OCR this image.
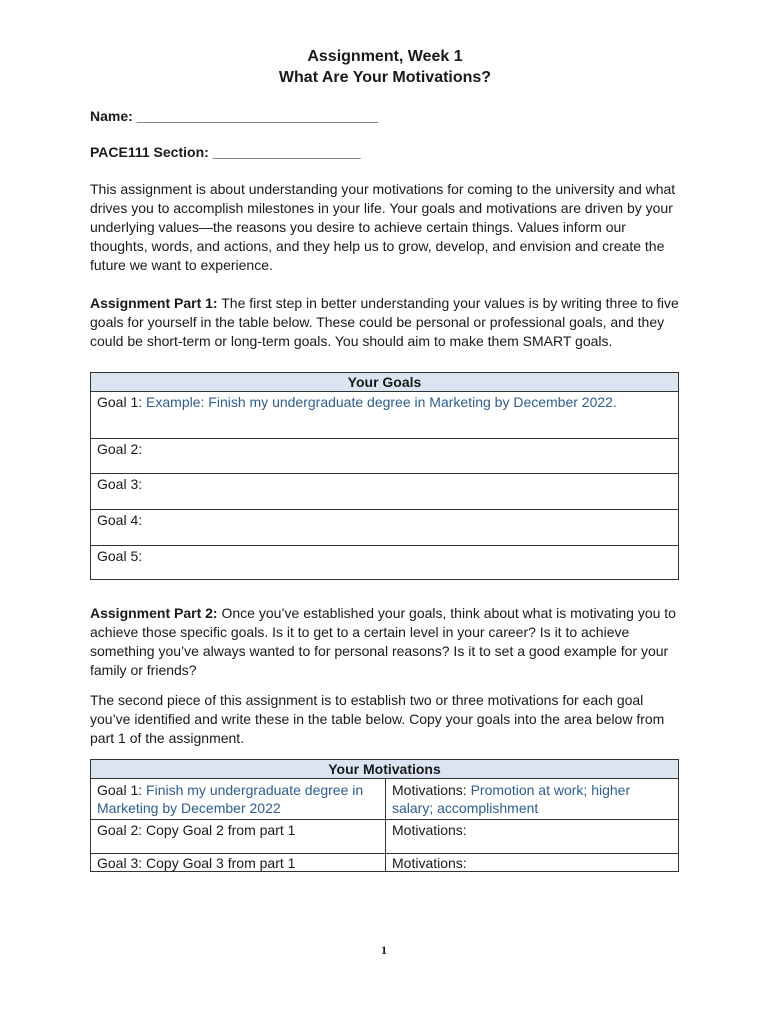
Assignment, Week 1
What Are Your Motivations?
Name: _______________________________
PACE111 Section: ___________________

This assignment is about understanding your motivations for coming to the university and what drives you to accomplish milestones in your life. Your goals and motivations are driven by your underlying values—the reasons you desire to achieve certain things. Values inform our thoughts, words, and actions, and they help us to grow, develop, and envision and create the future we want to experience.

Assignment Part 1: The first step in better understanding your values is by writing three to five goals for yourself in the table below. These could be personal or professional goals, and they could be short-term or long-term goals. You should aim to make them SMART goals.

Your Goals
Goal 1: Example: Finish my undergraduate degree in Marketing by December 2022.
Goal 2:
Goal 3:
Goal 4:
Goal 5:

Assignment Part 2: Once you’ve established your goals, think about what is motivating you to achieve those specific goals. Is it to get to a certain level in your career? Is it to achieve something you’ve always wanted to for personal reasons? Is it to set a good example for your family or friends?

The second piece of this assignment is to establish two or three motivations for each goal you’ve identified and write these in the table below. Copy your goals into the area below from part 1 of the assignment.

Your Motivations	
Goal 1: Finish my undergraduate degree in Marketing by December 2022	Motivations: Promotion at work; higher salary; accomplishment
Goal 2: Copy Goal 2 from part 1	Motivations:
Goal 3: Copy Goal 3 from part 1	Motivations:
1
